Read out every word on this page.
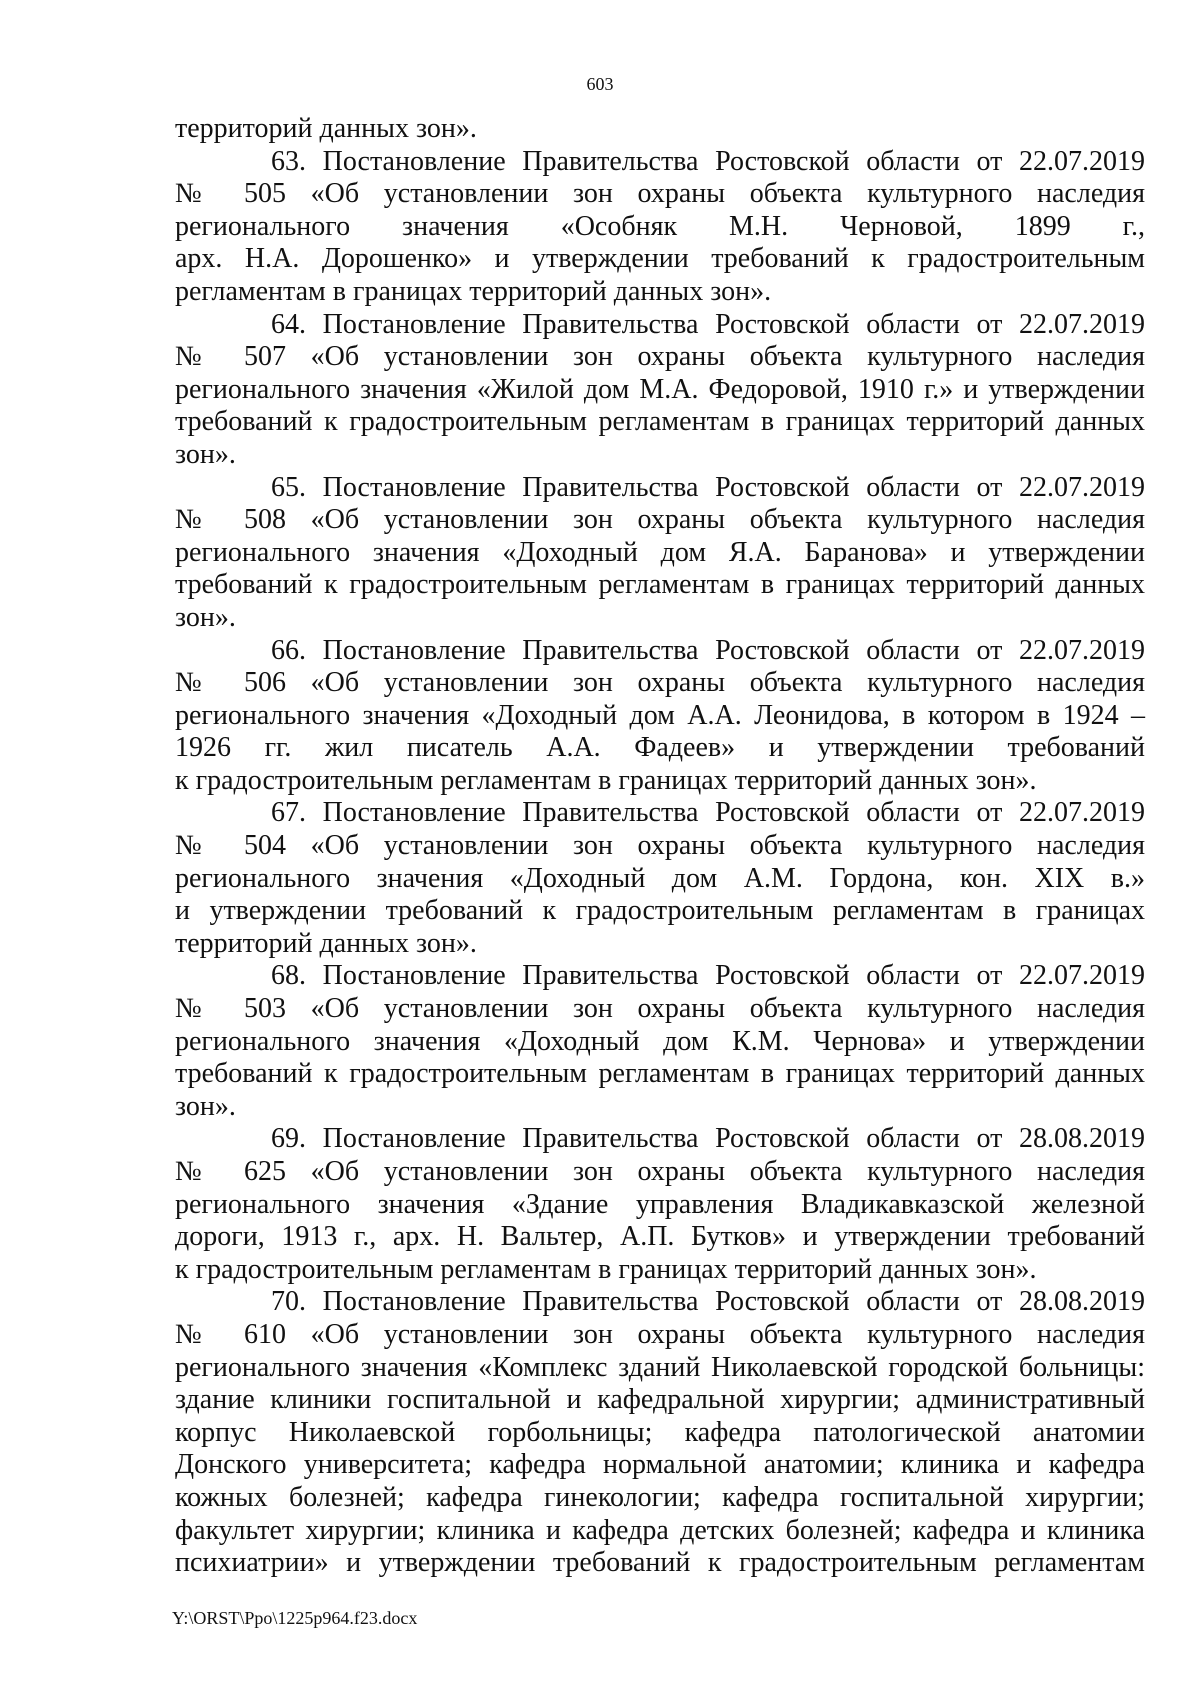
603
территорий данных зон».
63. Постановление Правительства Ростовской области от 22.07.2019
№ 505 «Об установлении зон охраны объекта культурного наследия
регионального значения «Особняк М.Н. Черновой, 1899 г.,
арх. Н.А. Дорошенко» и утверждении требований к градостроительным
регламентам в границах территорий данных зон».
64. Постановление Правительства Ростовской области от 22.07.2019
№ 507 «Об установлении зон охраны объекта культурного наследия
регионального значения «Жилой дом М.А. Федоровой, 1910 г.» и утверждении
требований к градостроительным регламентам в границах территорий данных
зон».
65. Постановление Правительства Ростовской области от 22.07.2019
№ 508 «Об установлении зон охраны объекта культурного наследия
регионального значения «Доходный дом Я.А. Баранова» и утверждении
требований к градостроительным регламентам в границах территорий данных
зон».
66. Постановление Правительства Ростовской области от 22.07.2019
№ 506 «Об установлении зон охраны объекта культурного наследия
регионального значения «Доходный дом А.А. Леонидова, в котором в 1924 –
1926 гг. жил писатель А.А. Фадеев» и утверждении требований
к градостроительным регламентам в границах территорий данных зон».
67. Постановление Правительства Ростовской области от 22.07.2019
№ 504 «Об установлении зон охраны объекта культурного наследия
регионального значения «Доходный дом А.М. Гордона, кон. XIX в.»
и утверждении требований к градостроительным регламентам в границах
территорий данных зон».
68. Постановление Правительства Ростовской области от 22.07.2019
№ 503 «Об установлении зон охраны объекта культурного наследия
регионального значения «Доходный дом К.М. Чернова» и утверждении
требований к градостроительным регламентам в границах территорий данных
зон».
69. Постановление Правительства Ростовской области от 28.08.2019
№ 625 «Об установлении зон охраны объекта культурного наследия
регионального значения «Здание управления Владикавказской железной
дороги, 1913 г., арх. Н. Вальтер, А.П. Бутков» и утверждении требований
к градостроительным регламентам в границах территорий данных зон».
70. Постановление Правительства Ростовской области от 28.08.2019
№ 610 «Об установлении зон охраны объекта культурного наследия
регионального значения «Комплекс зданий Николаевской городской больницы:
здание клиники госпитальной и кафедральной хирургии; административный
корпус Николаевской горбольницы; кафедра патологической анатомии
Донского университета; кафедра нормальной анатомии; клиника и кафедра
кожных болезней; кафедра гинекологии; кафедра госпитальной хирургии;
факультет хирургии; клиника и кафедра детских болезней; кафедра и клиника
психиатрии» и утверждении требований к градостроительным регламентам
Y:\ORST\Ppo\1225p964.f23.docx
